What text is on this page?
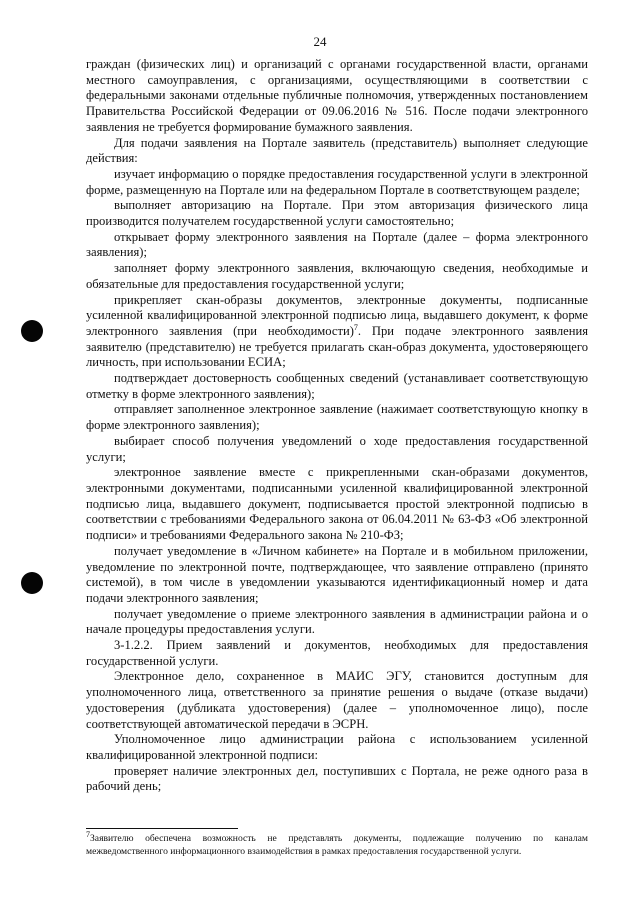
24

граждан (физических лиц) и организаций с органами государственной власти, органами местного самоуправления, с организациями, осуществляющими в соответствии с федеральными законами отдельные публичные полномочия, утвержденных постановлением Правительства Российской Федерации от 09.06.2016 № 516. После подачи электронного заявления не требуется формирование бумажного заявления.

Для подачи заявления на Портале заявитель (представитель) выполняет следующие действия:

изучает информацию о порядке предоставления государственной услуги в электронной форме, размещенную на Портале или на федеральном Портале в соответствующем разделе;

выполняет авторизацию на Портале. При этом авторизация физического лица производится получателем государственной услуги самостоятельно;

открывает форму электронного заявления на Портале (далее – форма электронного заявления);

заполняет форму электронного заявления, включающую сведения, необходимые и обязательные для предоставления государственной услуги;

прикрепляет скан-образы документов, электронные документы, подписанные усиленной квалифицированной электронной подписью лица, выдавшего документ, к форме электронного заявления (при необходимости)$^7$. При подаче электронного заявления заявителю (представителю) не требуется прилагать скан-образ документа, удостоверяющего личность, при использовании ЕСИА;

подтверждает достоверность сообщенных сведений (устанавливает соответствующую отметку в форме электронного заявления);

отправляет заполненное электронное заявление (нажимает соответствующую кнопку в форме электронного заявления);

выбирает способ получения уведомлений о ходе предоставления государственной услуги;

электронное заявление вместе с прикрепленными скан-образами документов, электронными документами, подписанными усиленной квалифицированной электронной подписью лица, выдавшего документ, подписывается простой электронной подписью в соответствии с требованиями Федерального закона от 06.04.2011 № 63-ФЗ «Об электронной подписи» и требованиями Федерального закона № 210-ФЗ;

получает уведомление в «Личном кабинете» на Портале и в мобильном приложении, уведомление по электронной почте, подтверждающее, что заявление отправлено (принято системой), в том числе в уведомлении указываются идентификационный номер и дата подачи электронного заявления;

получает уведомление о приеме электронного заявления в администрации района и о начале процедуры предоставления услуги.

3-1.2.2. Прием заявлений и документов, необходимых для предоставления государственной услуги.

Электронное дело, сохраненное в МАИС ЭГУ, становится доступным для уполномоченного лица, ответственного за принятие решения о выдаче (отказе выдачи) удостоверения (дубликата удостоверения) (далее – уполномоченное лицо), после соответствующей автоматической передачи в ЭСРН.

Уполномоченное лицо администрации района с использованием усиленной квалифицированной электронной подписи:

проверяет наличие электронных дел, поступивших с Портала, не реже одного раза в рабочий день;

$^7$Заявителю обеспечена возможность не представлять документы, подлежащие получению по каналам межведомственного информационного взаимодействия в рамках предоставления государственной услуги.
